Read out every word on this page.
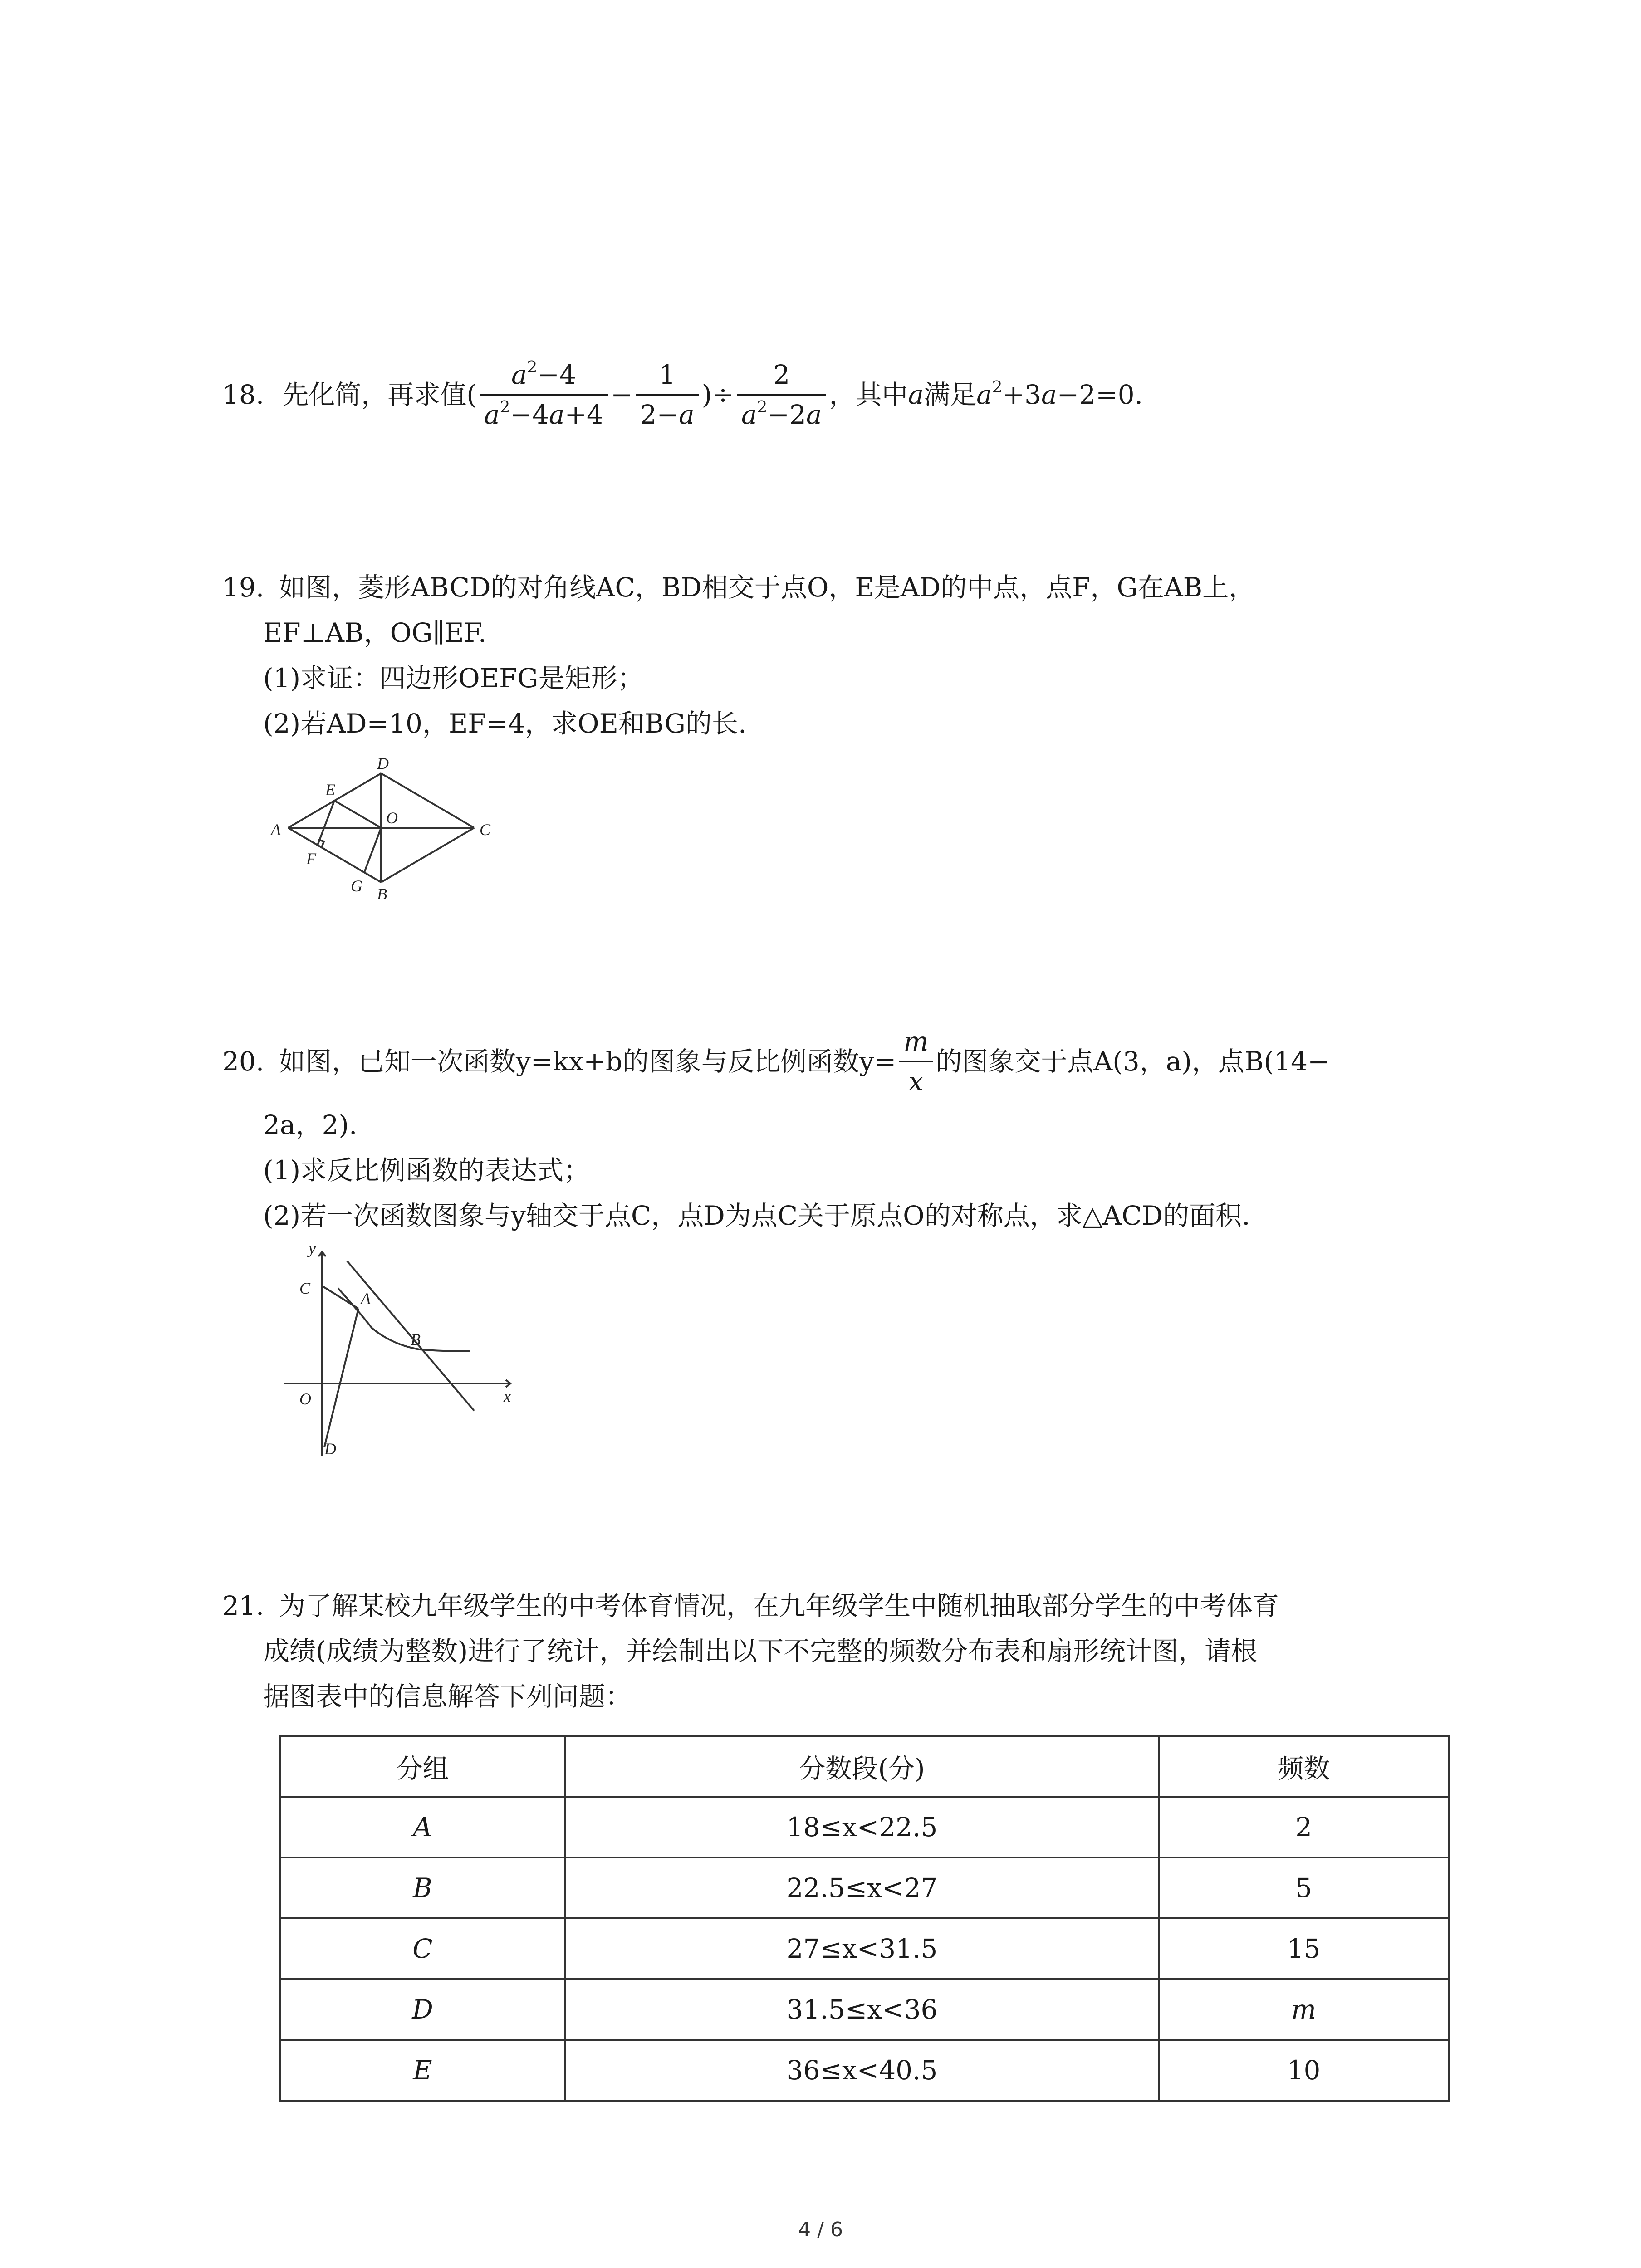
18. 先化简，再求值( $\frac{a^2-4}{a^2-4a+4} - \frac{1}{2-a}$ )÷ $\frac{2}{a^2-2a}$ ，其中a满足$a^2+3a-2=0$.
19. 如图，菱形ABCD的对角线AC，BD相交于点O，E是AD的中点，点F，G在AB上，
EF⊥AB，OG∥EF.
(1)求证：四边形OEFG是矩形；
(2)若AD=10，EF=4，求OE和BG的长.
A
B
C
D
E
F
G
O
20. 如图，已知一次函数y=kx+b的图象与反比例函数$y= \frac{m}{x}$ 的图象交于点A(3，a)，点B(14−
2a，2).
(1)求反比例函数的表达式；
(2)若一次函数图象与y轴交于点C，点D为点C关于原点O的对称点，求△ACD的面积.
y
x
O
A
B
C
D
21. 为了解某校九年级学生的中考体育情况，在九年级学生中随机抽取部分学生的中考体育
成绩(成绩为整数)进行了统计，并绘制出以下不完整的频数分布表和扇形统计图，请根
据图表中的信息解答下列问题：
分组	分数段(分)	频数
A	18≤x<22.5	2
B	22.5≤x<27	5
C	27≤x<31.5	15
D	31.5≤x<36	m
E	36≤x<40.5	10
4 / 6
